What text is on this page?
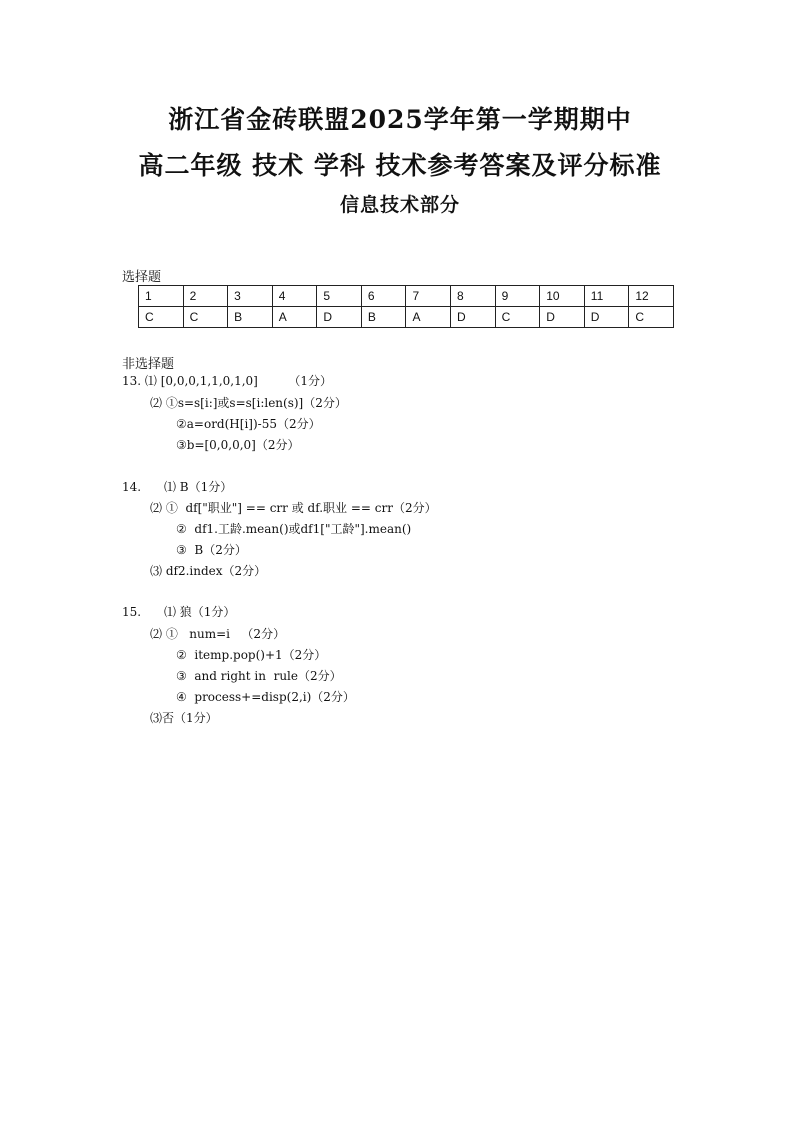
浙江省金砖联盟2025学年第一学期期中
高二年级 技术 学科 技术参考答案及评分标准
信息技术部分
选择题
1	2	3	4	5	6	7	8	9	10	11	12
C	C	B	A	D	B	A	D	C	D	D	C
非选择题
13. ⑴ [0,0,0,1,1,0,1,0]        （1分）
⑵ ①s=s[i:]或s=s[i:len(s)]（2分）
②a=ord(H[i])-55（2分）
③b=[0,0,0,0]（2分）
14.      ⑴ B（1分）
⑵ ①  df["职业"] == crr 或 df.职业 == crr（2分）
②  df1.工龄.mean()或df1["工龄"].mean()
③  B（2分）
⑶ df2.index（2分）
15.      ⑴ 狼（1分）
⑵ ①   num=i   （2分）
②  itemp.pop()+1（2分）
③  and right in  rule（2分）
④  process+=disp(2,i)（2分）
⑶否（1分）
